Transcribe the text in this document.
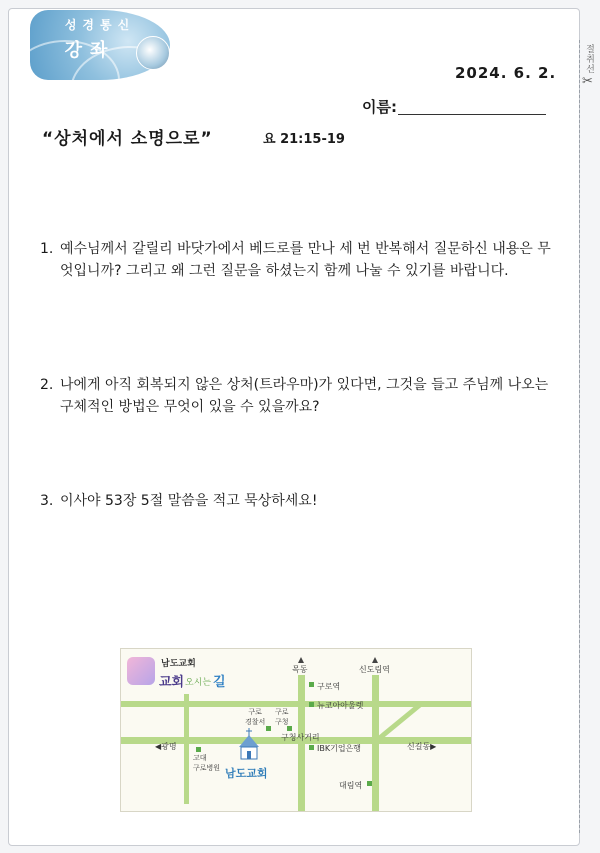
절취선
✂
성경통신
강좌
2024. 6. 2.
이름:
“상처에서 소명으로”	요 21:15-19
1. 예수님께서 갈릴리 바닷가에서 베드로를 만나 세 번 반복해서 질문하신 내용은 무엇입니까? 그리고 왜 그런 질문을 하셨는지 함께 나눌 수 있기를 바랍니다.
2. 나에게 아직 회복되지 않은 상처(트라우마)가 있다면, 그것을 들고 주님께 나오는 구체적인 방법은 무엇이 있을 수 있을까요?
3. 이사야 53장 5절 말씀을 적고 묵상하세요!
남도교회
교회 오시는 길
목동	신도림역
구로역
뉴코아아울렛
구로
경찰서
구로
구청
구청사거리
◀광명	신길동▶
고대
구로병원
IBK기업은행
남도교회
대림역
